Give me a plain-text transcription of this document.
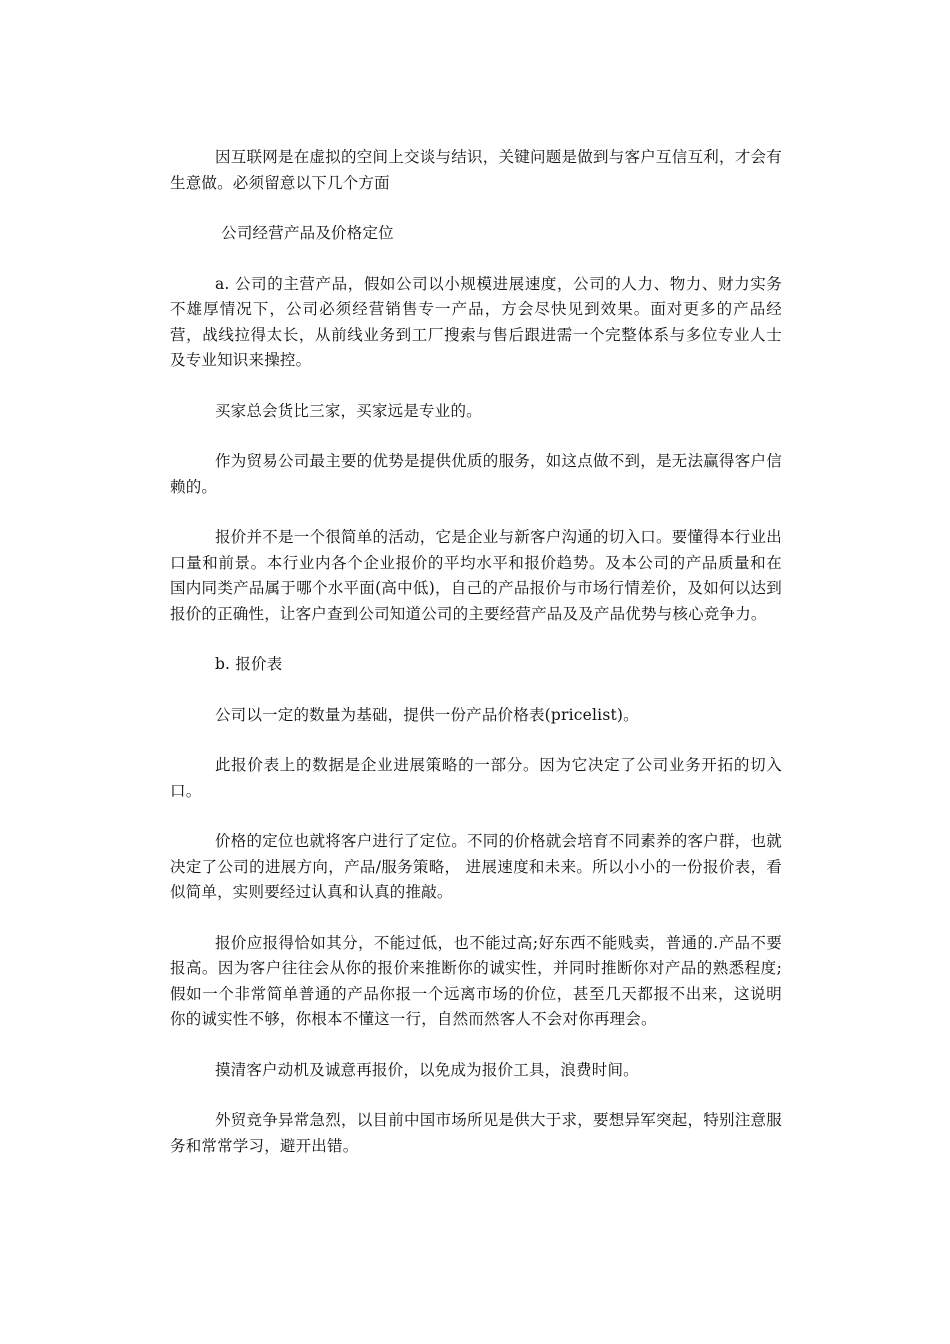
因互联网是在虚拟的空间上交谈与结识，关键问题是做到与客户互信互利，才会有生意做。必须留意以下几个方面

公司经营产品及价格定位

a. 公司的主营产品，假如公司以小规模进展速度，公司的人力、物力、财力实务不雄厚情况下，公司必须经营销售专一产品，方会尽快见到效果。面对更多的产品经营，战线拉得太长，从前线业务到工厂搜索与售后跟进需一个完整体系与多位专业人士及专业知识来操控。

买家总会货比三家，买家远是专业的。

作为贸易公司最主要的优势是提供优质的服务，如这点做不到，是无法赢得客户信赖的。

报价并不是一个很简单的活动，它是企业与新客户沟通的切入口。要懂得本行业出口量和前景。本行业内各个企业报价的平均水平和报价趋势。及本公司的产品质量和在国内同类产品属于哪个水平面(高中低)，自己的产品报价与市场行情差价，及如何以达到报价的正确性，让客户查到公司知道公司的主要经营产品及及产品优势与核心竞争力。

b. 报价表

公司以一定的数量为基础，提供一份产品价格表(pricelist)。

此报价表上的数据是企业进展策略的一部分。因为它决定了公司业务开拓的切入口。

价格的定位也就将客户进行了定位。不同的价格就会培育不同素养的客户群，也就决定了公司的进展方向，产品/服务策略， 进展速度和未来。所以小小的一份报价表，看似简单，实则要经过认真和认真的推敲。

报价应报得恰如其分，不能过低，也不能过高;好东西不能贱卖，普通的.产品不要报高。因为客户往往会从你的报价来推断你的诚实性，并同时推断你对产品的熟悉程度;假如一个非常简单普通的产品你报一个远离市场的价位，甚至几天都报不出来，这说明你的诚实性不够，你根本不懂这一行，自然而然客人不会对你再理会。

摸清客户动机及诚意再报价，以免成为报价工具，浪费时间。

外贸竞争异常急烈，以目前中国市场所见是供大于求，要想异军突起，特别注意服务和常常学习，避开出错。
